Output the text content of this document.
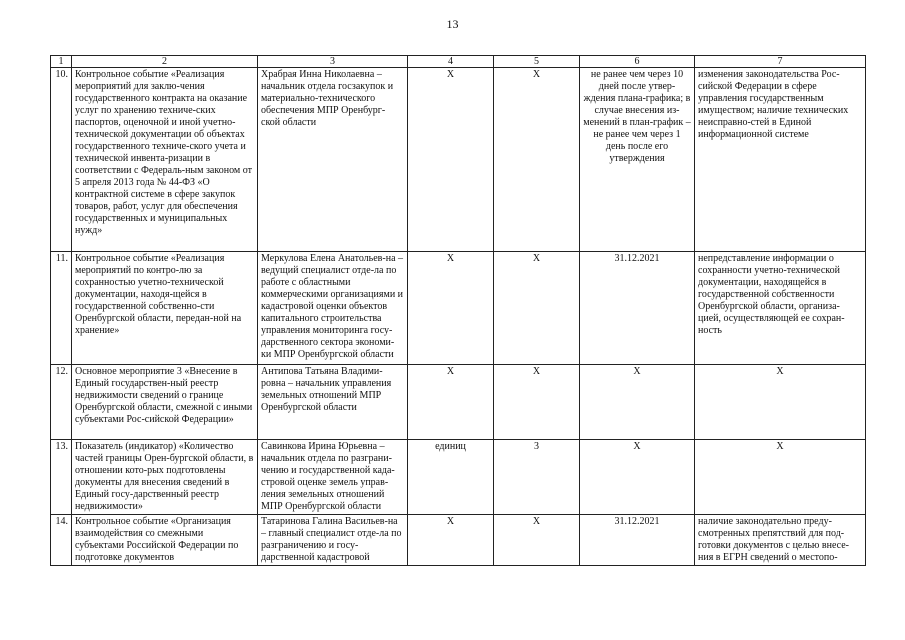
13
1	2	3	4	5	6	7
10.	Контрольное событие «Реализация мероприятий для заклю-чения государственного контракта на оказание услуг по хранению техниче-ских паспортов, оценочной и иной учетно-технической документации об объектах государственного техниче-ского учета и технической инвента-ризации в соответствии с Федераль-ным законом от 5 апреля 2013 года № 44-ФЗ «О контрактной системе в сфере закупок товаров, работ, услуг для обеспечения государственных и муниципальных нужд»	Храбрая Инна Николаевна – начальник отдела госзакупок и материально-технического обеспечения МПР Оренбург-ской области	Х	Х	не ранее чем через 10 дней после утвер-ждения плана-графика; в случае внесения из-менений в план-график – не ранее чем через 1 день после его утверждения	изменения законодательства Рос-сийской Федерации в сфере управления государственным имуществом; наличие технических неисправно-стей в Единой информационной системе
11.	Контрольное событие «Реализация мероприятий по контро-лю за сохранностью учетно-технической документации, находя-щейся в государственной собственно-сти Оренбургской области, передан-ной на хранение»	Меркулова Елена Анатольев-на – ведущий специалист отде-ла по работе с областными коммерческими организациями и кадастровой оценки объектов капитального строительства управления мониторинга госу-дарственного сектора экономи-ки МПР Оренбургской области	Х	Х	31.12.2021	непредставление информации о сохранности учетно-технической документации, находящейся в государственной собственности Оренбургской области, организа-цией, осуществляющей ее сохран-ность
12.	Основное мероприятие 3 «Внесение в Единый государствен-ный реестр недвижимости сведений о границе Оренбургской области, смежной с иными субъектами Рос-сийской Федерации»	Антипова Татьяна Владими-ровна – начальник управления земельных отношений МПР Оренбургской области	Х	Х	Х	Х
13.	Показатель (индикатор) «Количество частей границы Орен-бургской области, в отношении кото-рых подготовлены документы для внесения сведений в Единый госу-дарственный реестр недвижимости»	Савинкова Ирина Юрьевна – начальник отдела по разграни-чению и государственной када-стровой оценке земель управ-ления земельных отношений МПР Оренбургской области	единиц	3	Х	Х
14.	Контрольное событие «Организация взаимодействия со смежными субъектами Российской Федерации по подготовке документов	Татаринова Галина Васильев-на – главный специалист отде-ла по разграничению и госу-дарственной кадастровой	Х	Х	31.12.2021	наличие законодательно преду-смотренных препятствий для под-готовки документов с целью внесе-ния в ЕГРН сведений о местопо-
